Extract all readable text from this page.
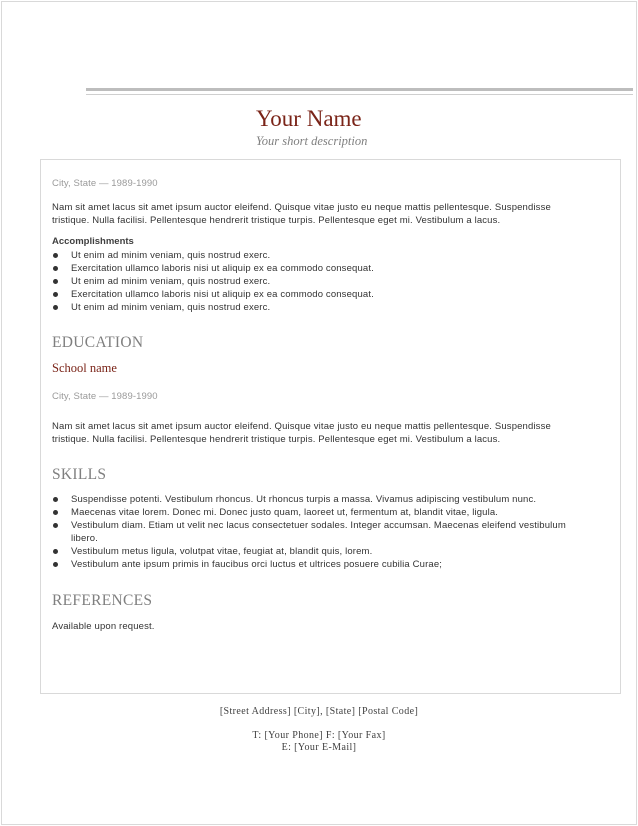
Your Name
Your short description
City, State — 1989-1990
Nam sit amet lacus sit amet ipsum auctor eleifend. Quisque vitae justo eu neque mattis pellentesque. Suspendisse
tristique. Nulla facilisi. Pellentesque hendrerit tristique turpis. Pellentesque eget mi. Vestibulum a lacus.
Accomplishments
Ut enim ad minim veniam, quis nostrud exerc.
Exercitation ullamco laboris nisi ut aliquip ex ea commodo consequat.
Ut enim ad minim veniam, quis nostrud exerc.
Exercitation ullamco laboris nisi ut aliquip ex ea commodo consequat.
Ut enim ad minim veniam, quis nostrud exerc.
EDUCATION
School name
City, State — 1989-1990
Nam sit amet lacus sit amet ipsum auctor eleifend. Quisque vitae justo eu neque mattis pellentesque. Suspendisse
tristique. Nulla facilisi. Pellentesque hendrerit tristique turpis. Pellentesque eget mi. Vestibulum a lacus.
SKILLS
Suspendisse potenti. Vestibulum rhoncus. Ut rhoncus turpis a massa. Vivamus adipiscing vestibulum nunc.
Maecenas vitae lorem. Donec mi. Donec justo quam, laoreet ut, fermentum at, blandit vitae, ligula.
Vestibulum diam. Etiam ut velit nec lacus consectetuer sodales. Integer accumsan. Maecenas eleifend vestibulum
libero.
Vestibulum metus ligula, volutpat vitae, feugiat at, blandit quis, lorem.
Vestibulum ante ipsum primis in faucibus orci luctus et ultrices posuere cubilia Curae;
REFERENCES
Available upon request.
[Street Address] [City], [State] [Postal Code]
T: [Your Phone] F: [Your Fax]
E: [Your E-Mail]
